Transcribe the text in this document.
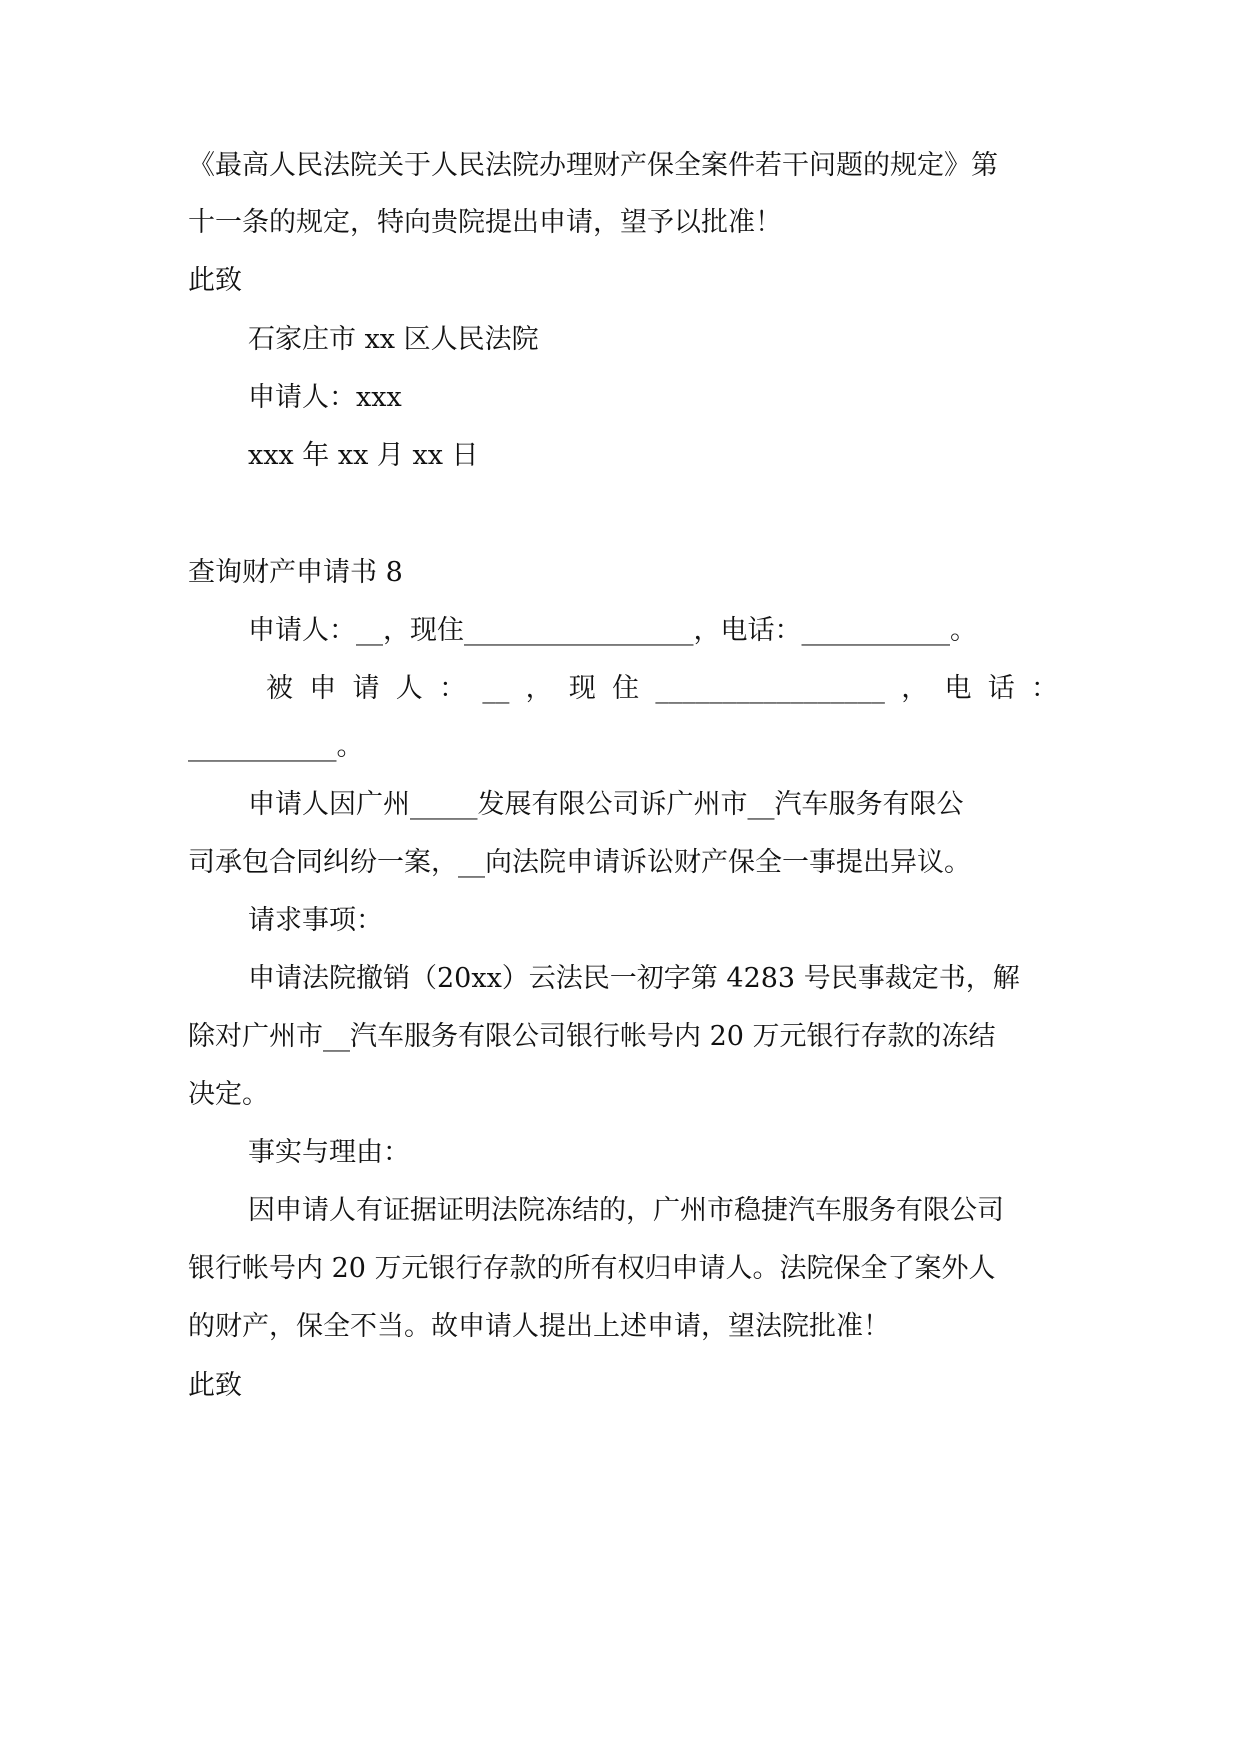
《最高人民法院关于人民法院办理财产保全案件若干问题的规定》第
十一条的规定，特向贵院提出申请，望予以批准！
此致
石家庄市 xx 区人民法院
申请人：xxx
xxx 年 xx 月 xx 日
查询财产申请书 8
申请人：__，现住_________________，电话：___________。
被申请人：__，现住_________________，电话：
___________。
申请人因广州_____发展有限公司诉广州市__汽车服务有限公
司承包合同纠纷一案，__向法院申请诉讼财产保全一事提出异议。
请求事项：
申请法院撤销（20xx）云法民一初字第 4283 号民事裁定书，解
除对广州市__汽车服务有限公司银行帐号内 20 万元银行存款的冻结
决定。
事实与理由：
因申请人有证据证明法院冻结的，广州市稳捷汽车服务有限公司
银行帐号内 20 万元银行存款的所有权归申请人。法院保全了案外人
的财产，保全不当。故申请人提出上述申请，望法院批准！
此致
